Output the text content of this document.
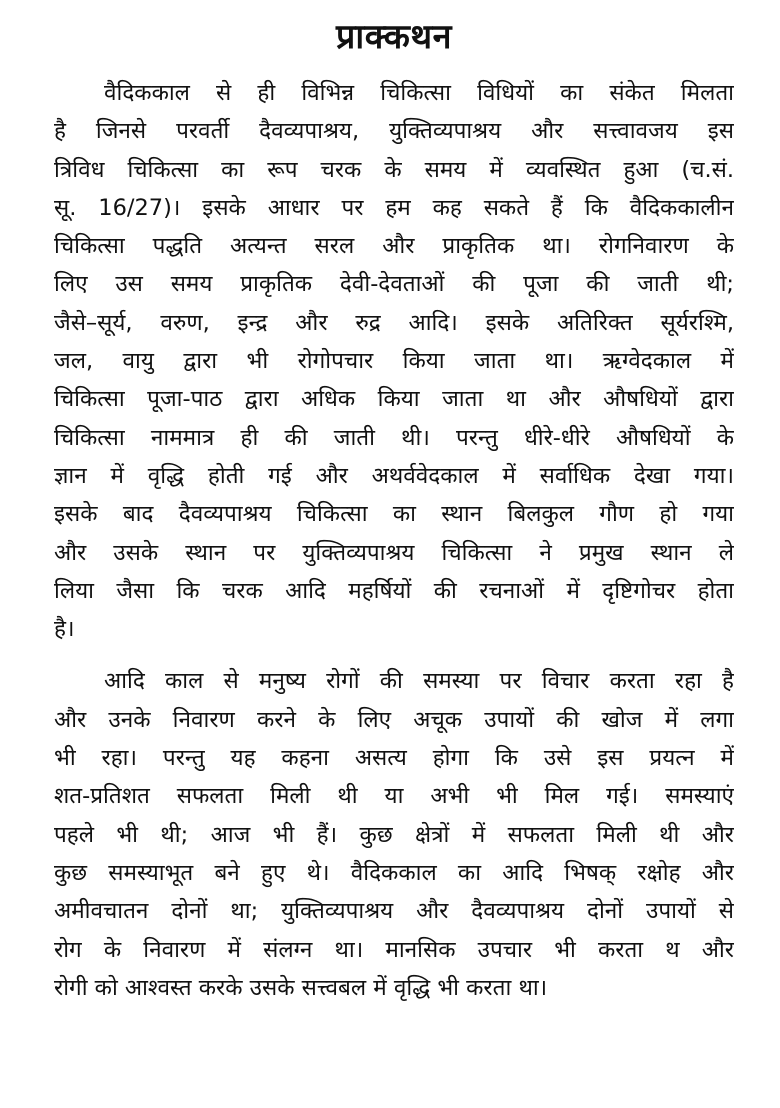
प्राक्कथन
वैदिककाल से ही विभिन्न चिकित्सा विधियों का संकेत मिलता
है जिनसे परवर्ती दैवव्यपाश्रय, युक्तिव्यपाश्रय और सत्त्वावजय इस
त्रिविध चिकित्सा का रूप चरक के समय में व्यवस्थित हुआ (च.सं.
सू. 16/27)। इसके आधार पर हम कह सकते हैं कि वैदिककालीन
चिकित्सा पद्धति अत्यन्त सरल और प्राकृतिक था। रोगनिवारण के
लिए उस समय प्राकृतिक देवी-देवताओं की पूजा की जाती थी;
जैसे–सूर्य, वरुण, इन्द्र और रुद्र आदि। इसके अतिरिक्त सूर्यरश्मि,
जल, वायु द्वारा भी रोगोपचार किया जाता था। ऋग्वेदकाल में
चिकित्सा पूजा-पाठ द्वारा अधिक किया जाता था और औषधियों द्वारा
चिकित्सा नाममात्र ही की जाती थी। परन्तु धीरे-धीरे औषधियों के
ज्ञान में वृद्धि होती गई और अथर्ववेदकाल में सर्वाधिक देखा गया।
इसके बाद दैवव्यपाश्रय चिकित्सा का स्थान बिलकुल गौण हो गया
और उसके स्थान पर युक्तिव्यपाश्रय चिकित्सा ने प्रमुख स्थान ले
लिया जैसा कि चरक आदि महर्षियों की रचनाओं में दृष्टिगोचर होता
है।
आदि काल से मनुष्य रोगों की समस्या पर विचार करता रहा है
और उनके निवारण करने के लिए अचूक उपायों की खोज में लगा
भी रहा। परन्तु यह कहना असत्य होगा कि उसे इस प्रयत्न में
शत-प्रतिशत सफलता मिली थी या अभी भी मिल गई। समस्याएं
पहले भी थी; आज भी हैं। कुछ क्षेत्रों में सफलता मिली थी और
कुछ समस्याभूत बने हुए थे। वैदिककाल का आदि भिषक् रक्षोह और
अमीवचातन दोनों था; युक्तिव्यपाश्रय और दैवव्यपाश्रय दोनों उपायों से
रोग के निवारण में संलग्न था। मानसिक उपचार भी करता थ और
रोगी को आश्वस्त करके उसके सत्त्वबल में वृद्धि भी करता था।
